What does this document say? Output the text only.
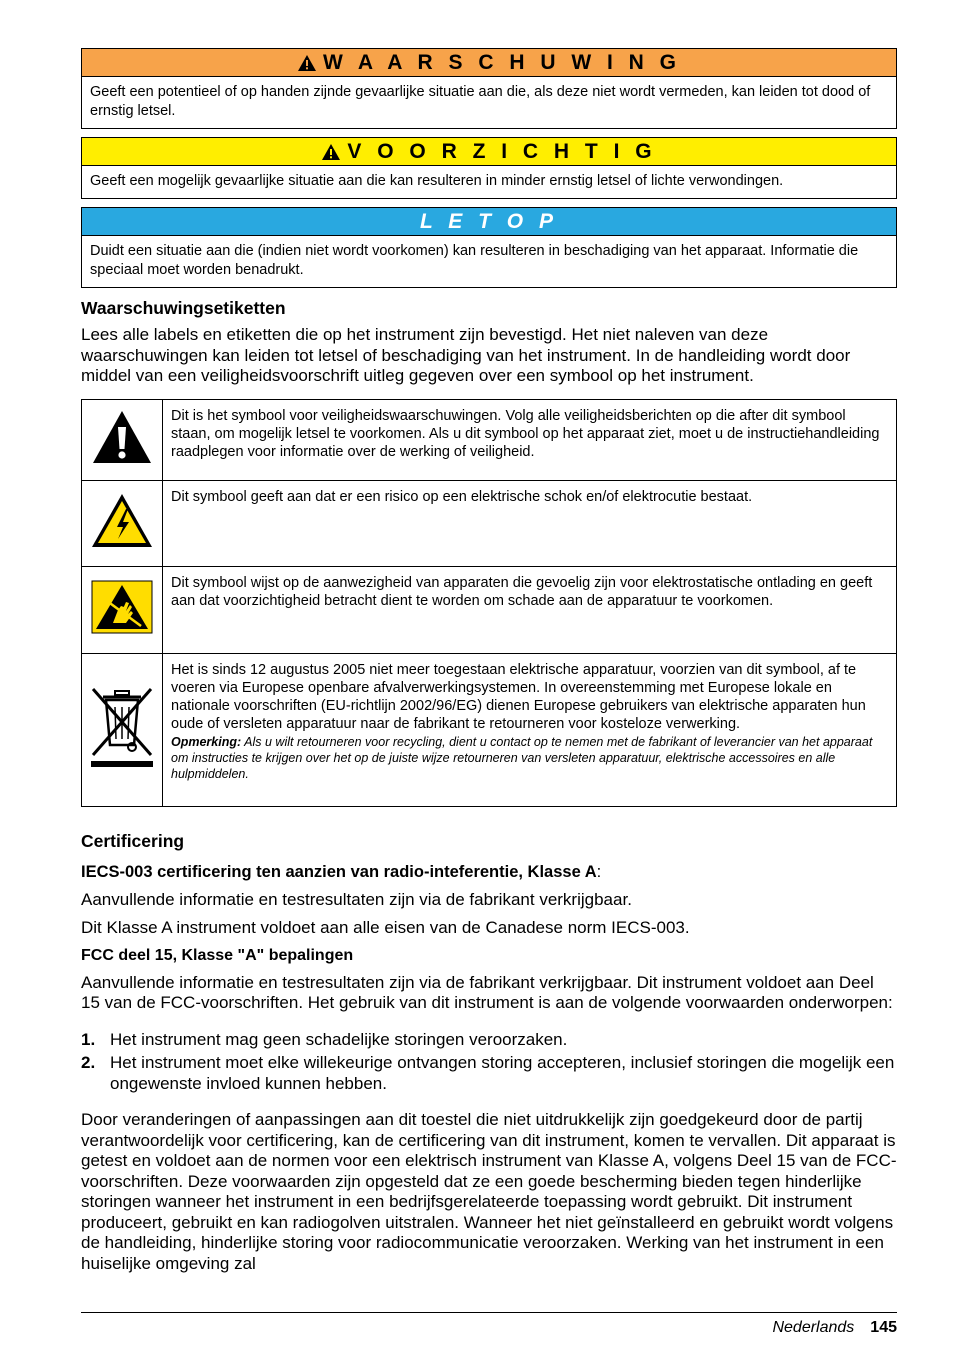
W A A R S C H U W I N G
Geeft een potentieel of op handen zijnde gevaarlijke situatie aan die, als deze niet wordt vermeden, kan leiden tot dood of ernstig letsel.
V O O R Z I C H T I G
Geeft een mogelijk gevaarlijke situatie aan die kan resulteren in minder ernstig letsel of lichte verwondingen.
L E T O P
Duidt een situatie aan die (indien niet wordt voorkomen) kan resulteren in beschadiging van het apparaat. Informatie die speciaal moet worden benadrukt.
Waarschuwingsetiketten

Lees alle labels en etiketten die op het instrument zijn bevestigd. Het niet naleven van deze waarschuwingen kan leiden tot letsel of beschadiging van het instrument. In de handleiding wordt door middel van een veiligheidsvoorschrift uitleg gegeven over een symbool op het instrument.

	Dit is het symbool voor veiligheidswaarschuwingen. Volg alle veiligheidsberichten op die after dit symbool staan, om mogelijk letsel te voorkomen. Als u dit symbool op het apparaat ziet, moet u de instructiehandleiding raadplegen voor informatie over de werking of veiligheid.
	Dit symbool geeft aan dat er een risico op een elektrische schok en/of elektrocutie bestaat.
	Dit symbool wijst op de aanwezigheid van apparaten die gevoelig zijn voor elektrostatische ontlading en geeft aan dat voorzichtigheid betracht dient te worden om schade aan de apparatuur te voorkomen.

Het is sinds 12 augustus 2005 niet meer toegestaan elektrische apparatuur, voorzien van dit symbool, af te voeren via Europese openbare afvalverwerkingsystemen. In overeenstemming met Europese lokale en nationale voorschriften (EU-richtlijn 2002/96/EG) dienen Europese gebruikers van elektrische apparaten hun oude of versleten apparatuur naar de fabrikant te retourneren voor kosteloze verwerking.
Opmerking: Als u wilt retourneren voor recycling, dient u contact op te nemen met de fabrikant of leverancier van het apparaat om instructies te krijgen over het op de juiste wijze retourneren van versleten apparatuur, elektrische accessoires en alle hulpmiddelen.
Certificering
IECS-003 certificering ten aanzien van radio-inteferentie, Klasse A:

Aanvullende informatie en testresultaten zijn via de fabrikant verkrijgbaar.

Dit Klasse A instrument voldoet aan alle eisen van de Canadese norm IECS-003.

FCC deel 15, Klasse "A" bepalingen

Aanvullende informatie en testresultaten zijn via de fabrikant verkrijgbaar. Dit instrument voldoet aan Deel 15 van de FCC-voorschriften. Het gebruik van dit instrument is aan de volgende voorwaarden onderworpen:

1. Het instrument mag geen schadelijke storingen veroorzaken.
2. Het instrument moet elke willekeurige ontvangen storing accepteren, inclusief storingen die mogelijk een ongewenste invloed kunnen hebben.

Door veranderingen of aanpassingen aan dit toestel die niet uitdrukkelijk zijn goedgekeurd door de partij verantwoordelijk voor certificering, kan de certificering van dit instrument, komen te vervallen. Dit apparaat is getest en voldoet aan de normen voor een elektrisch instrument van Klasse A, volgens Deel 15 van de FCC-voorschriften. Deze voorwaarden zijn opgesteld dat ze een goede bescherming bieden tegen hinderlijke storingen wanneer het instrument in een bedrijfsgerelateerde toepassing wordt gebruikt. Dit instrument produceert, gebruikt en kan radiogolven uitstralen. Wanneer het niet geïnstalleerd en gebruikt wordt volgens de handleiding, hinderlijke storing voor radiocommunicatie veroorzaken. Werking van het instrument in een huiselijke omgeving zal

Nederlands 145
